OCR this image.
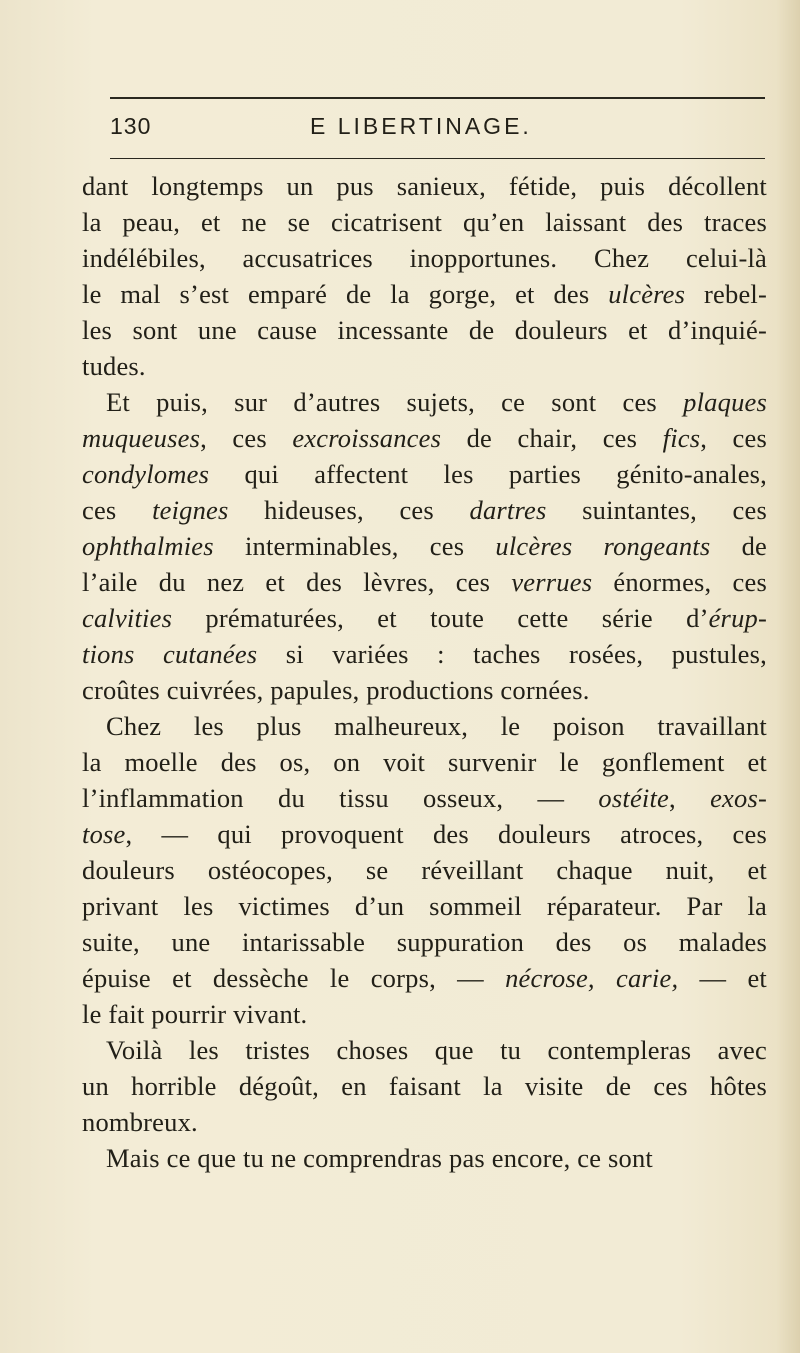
130	E LIBERTINAGE.
dant longtemps un pus sanieux, fétide, puis décollent
la peau, et ne se cicatrisent qu’en laissant des traces
indélébiles, accusatrices inopportunes. Chez celui-là
le mal s’est emparé de la gorge, et des ulcères rebel-
les sont une cause incessante de douleurs et d’inquié-
tudes.
Et puis, sur d’autres sujets, ce sont ces plaques
muqueuses, ces excroissances de chair, ces fics, ces
condylomes qui affectent les parties génito-anales,
ces teignes hideuses, ces dartres suintantes, ces
ophthalmies interminables, ces ulcères rongeants de
l’aile du nez et des lèvres, ces verrues énormes, ces
calvities prématurées, et toute cette série d’érup-
tions cutanées si variées : taches rosées, pustules,
croûtes cuivrées, papules, productions cornées.
Chez les plus malheureux, le poison travaillant
la moelle des os, on voit survenir le gonflement et
l’inflammation du tissu osseux, — ostéite, exos-
tose, — qui provoquent des douleurs atroces, ces
douleurs ostéocopes, se réveillant chaque nuit, et
privant les victimes d’un sommeil réparateur. Par la
suite, une intarissable suppuration des os malades
épuise et dessèche le corps, — nécrose, carie, — et
le fait pourrir vivant.
Voilà les tristes choses que tu contempleras avec
un horrible dégoût, en faisant la visite de ces hôtes
nombreux.
Mais ce que tu ne comprendras pas encore, ce sont
